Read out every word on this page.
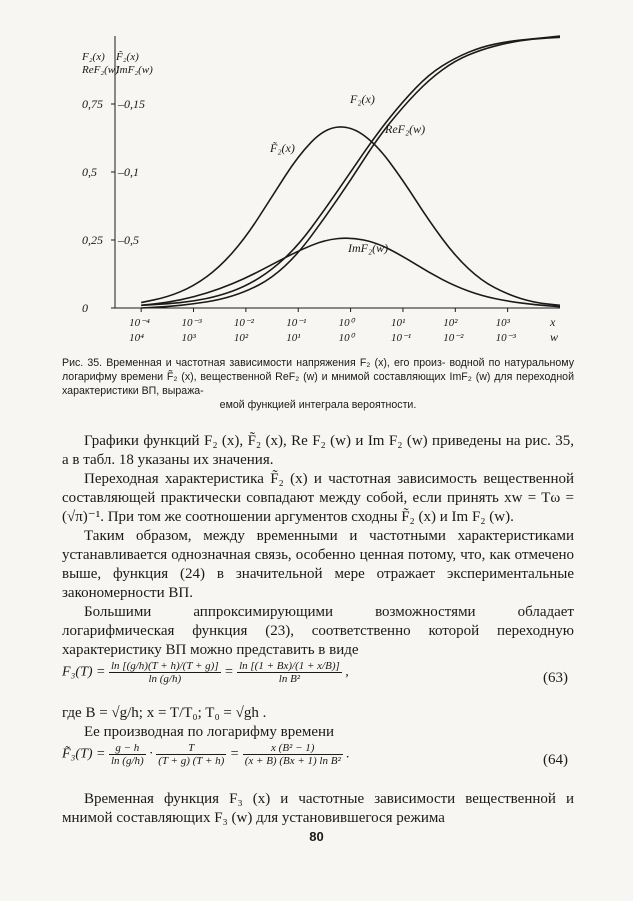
0
0,25
0,5
0,75
–0,5
–0,1
–0,15
F₂(x)
ReF₂(w)
F̃₂(x)
ImF₂(w)
10⁻⁴
10⁴
10⁻³
10³
10⁻²
10²
10⁻¹
10¹
10⁰
10⁰
10¹
10⁻¹
10²
10⁻²
10³
10⁻³
x
w
F₂(x)
ReF₂(w)
F̃₂(x)
ImF₂(w)
Рис. 35. Временная и частотная зависимости напряжения F₂ (x), его произ- водной по натуральному логарифму времени F̃₂ (x), вещественной ReF₂ (w) и мнимой составляющих ImF₂ (w) для переходной характеристики ВП, выража-
емой функцией интеграла вероятности.

Графики функций F₂ (x), F̃₂ (x), Re F₂ (w) и Im F₂ (w) приведены на рис. 35, а в табл. 18 указаны их значения.

Переходная характеристика F̃₂ (x) и частотная зависимость вещественной составляющей практически совпадают между собой, если принять xw = Tω =(√π)⁻¹. При том же соотношении аргументов сходны F̃₂ (x) и Im F₂ (w).

Таким образом, между временными и частотными характеристиками устанавливается однозначная связь, особенно ценная потому, что, как отмечено выше, функция (24) в значительной мере отражает экспериментальные закономерности ВП.

Большими аппроксимирующими возможностями обладает логарифмическая функция (23), соответственно которой переходную характеристику ВП можно представить в виде

$F_3(T) = \frac{\ln [(g/h)(T + h)/(T + g)]}{\ln (g/h)} = \frac{\ln [(1 + Bx)/(1 + x/B)]}{\text{ln B²}}$ ,	(63)
где B = √g/h; x = T/T₀; T₀ = √gh .
Ее производная по логарифму времени
F̃₃(T) = $\frac{g - h}{\ln (g/h)} \cdot \frac{T}{(T + g) (T + h)} = \frac{\text{x (B² − 1)}}{\text{(x + B) (Bx + 1) ln B²}}$ .	(64)

Временная функция F₃ (x) и частотные зависимости вещественной и мнимой составляющих F₃ (w) для установившегося режима

80
